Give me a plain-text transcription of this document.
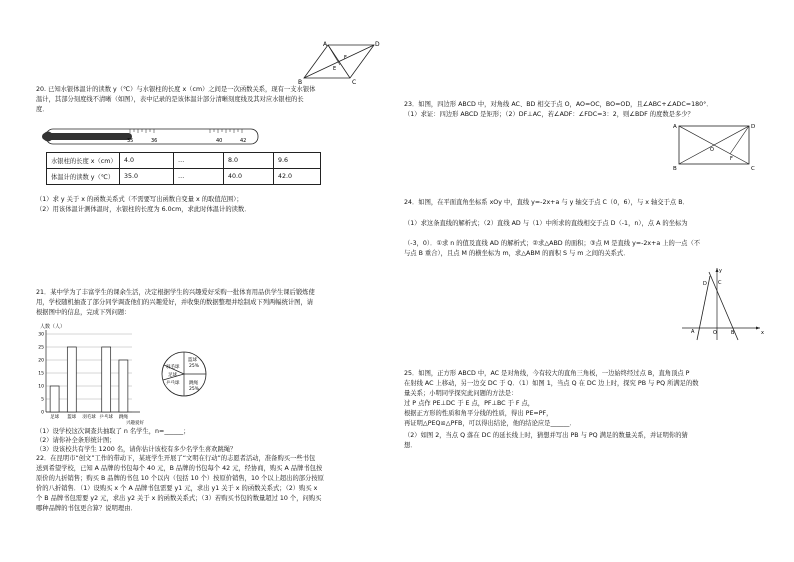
A	D
B	C
F
E
20. 已知水银体温计的读数 y（℃）与水银柱的长度 x（cm）之间是一次函数关系，现有一支水银体
温计，其部分刻度线不清晰（如图），表中记录的是该体温计部分清晰刻度线及其对应水银柱的长
度．
35	36	40	42
水银柱的长度 x（cm）	4.0	…	8.0	9.6
体温计的读数 y（℃）	35.0	…	40.0	42.0
（1）求 y 关于 x 的函数关系式（不需要写出函数自变量 x 的取值范围）；
（2）用该体温计测体温时，水银柱的长度为 6.0cm，求此时体温计的读数．
21．某中学为了丰富学生的课余生活，决定根据学生的兴趣爱好采购一批体育用品供学生课后锻炼使
用，学校随机抽查了部分同学调查他们的兴趣爱好，并收集的数据整理并绘制成下列两幅统计图，请
根据图中的信息，完成下列问题：
人数（人）
0
5
10
15
20
25
30
足球 篮球 羽毛球 乒乓球 跳绳
兴趣爱好
篮球
25%
羽毛球
乒乓球
足球
跳绳
25%
（1）设学校这次调查共抽取了 n 名学生，n=______；
（2）请你补全条形统计图；
（3）设该校共有学生 1200 名，请你估计该校有多少名学生喜欢跳绳？
22．在昆明市“创文”工作的带动下，某班学生开展了“文明在行动”的志愿者活动，准备购买一些书包
送到希望学校，已知 A 品牌的书包每个 40 元，B 品牌的书包每个 42 元，经协商，购买 A 品牌书包按
原价的九折销售；购买 B 品牌的书包 10 个以内（包括 10 个）按原价销售，10 个以上超出的部分按原
价的八折销售．（1）设购买 x 个 A 品牌书包需要 y1 元，求出 y1 关于 x 的函数关系式；（2）购买 x
个 B 品牌书包需要 y2 元，求出 y2 关于 x 的函数关系式；（3）若购买书包的数量超过 10 个，问购买
哪种品牌的书包更合算？说明理由．
23．如图，四边形 ABCD 中，对角线 AC、BD 相交于点 O，AO=OC，BO=OD，且∠ABC+∠ADC=180°．
（1）求证：四边形 ABCD 是矩形；（2）DF⊥AC，若∠ADF：∠FDC=3：2，则∠BDF 的度数是多少？
A	D
B	C
O
F
24．如图，在平面直角坐标系 xOy 中，直线 y=-2x+a 与 y 轴交于点 C（0，6），与 x 轴交于点 B．
（1）求这条直线的解析式；（2）直线 AD 与（1）中所求的直线相交于点 D（-1，n），点 A 的坐标为
（-3，0）．①求 n 的值及直线 AD 的解析式；②求△ABD 的面积；③点 M 是直线 y=-2x+a 上的一点（不
与点 B 重合），且点 M 的横坐标为 m，求△ABM 的面积 S 与 m 之间的关系式．
y
x
C
D
A	O	B
25．如图，正方形 ABCD 中，AC 是对角线，今有较大的直角三角板，一边始终经过点 B，直角顶点 P
在射线 AC 上移动，另一边交 DC 于 Q．（1）如图 1，当点 Q 在 DC 边上时，探究 PB 与 PQ 所满足的数
量关系；小明同学探究此问题的方法是：
过 P 点作 PE⊥DC 于 E 点，PF⊥BC 于 F 点，
根据正方形的性质和角平分线的性质，得出 PE=PF，
再证明△PEQ≌△PFB，可以得出结论，他的结论应是______．
（2）如图 2，当点 Q 落在 DC 的延长线上时，猜想并写出 PB 与 PQ 满足的数量关系，并证明你的猜
想．
